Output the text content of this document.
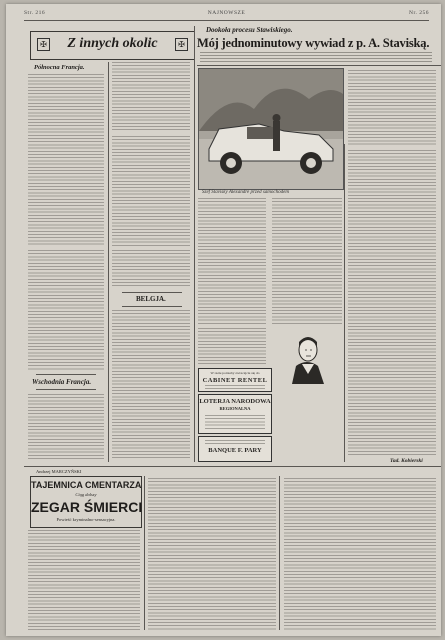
Str. 216	NAJNOWSZE	Nr. 256
✠	✠
Z innych okolic
Północna Francja.
Wschodnia Francja.
BELGJA.
Dookoła procesu Stawiskiego.
Mój jednominutowy wywiad z p. A. Staviską.
Szef Stavisky Alexandre przed samochodem
Tad. Kobierski
W razie potrzeby zwracajcie się do
CABINET RENTEL
LOTERJA NARODOWA
REGIONALNA
BANQUE F. PARY
Andrzej MARCZYŃSKI
TAJEMNICA CMENTARZA
Ciąg dalszy
ZEGAR ŚMIERCI
Powieść kryminalno-sensacyjna.
